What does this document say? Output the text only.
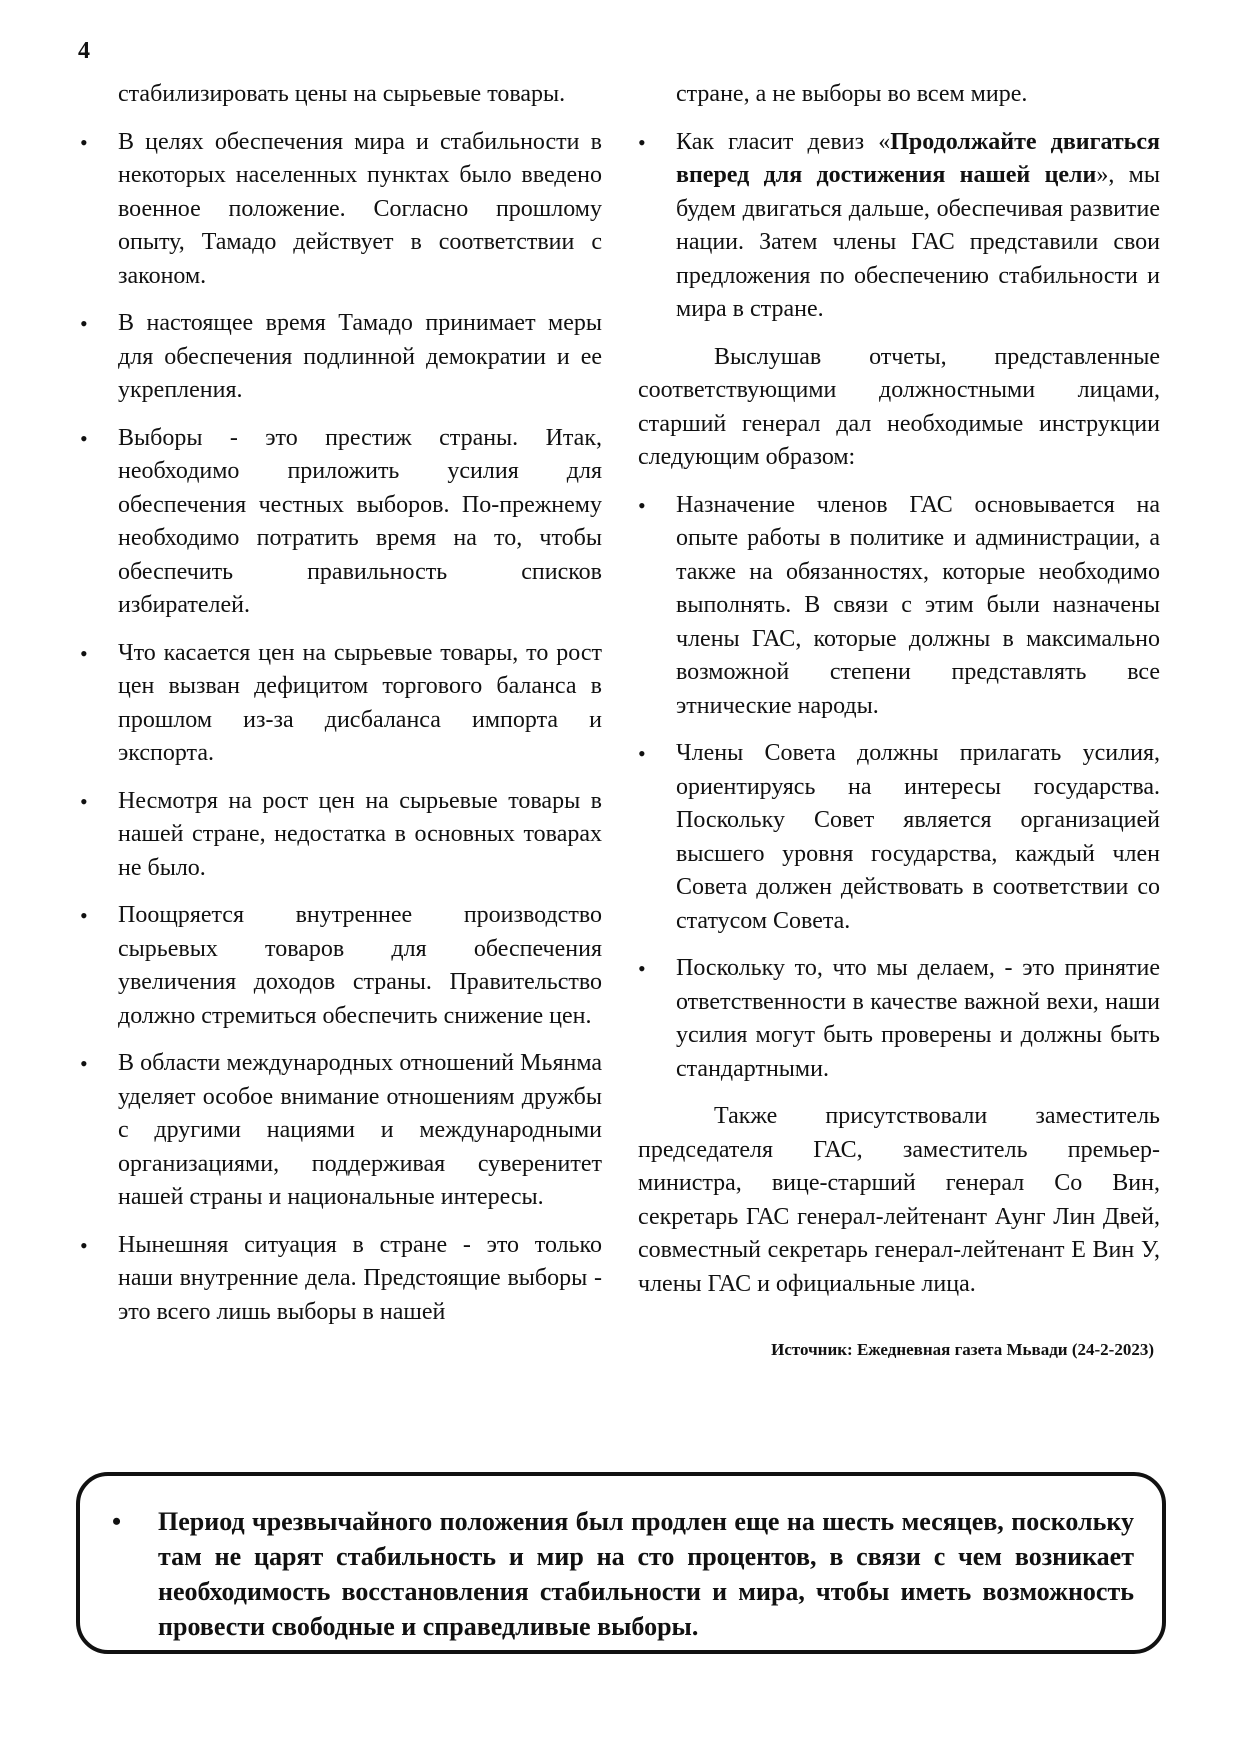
4
стабилизировать цены на сырьевые товары.
• В целях обеспечения мира и стабильности в некоторых населенных пунктах было введено военное положение. Согласно прошлому опыту, Тамадо действует в соответствии с законом.
• В настоящее время Тамадо принимает меры для обеспечения подлинной демократии и ее укрепления.
• Выборы - это престиж страны. Итак, необходимо приложить усилия для обеспечения честных выборов. По-прежнему необходимо потратить время на то, чтобы обеспечить правильность списков избирателей.
• Что касается цен на сырьевые товары, то рост цен вызван дефицитом торгового баланса в прошлом из-за дисбаланса импорта и экспорта.
• Несмотря на рост цен на сырьевые товары в нашей стране, недостатка в основных товарах не было.
• Поощряется внутреннее производство сырьевых товаров для обеспечения увеличения доходов страны. Правительство должно стремиться обеспечить снижение цен.
• В области международных отношений Мьянма уделяет особое внимание отношениям дружбы с другими нациями и международными организациями, поддерживая суверенитет нашей страны и национальные интересы.
• Нынешняя ситуация в стране - это только наши внутренние дела. Предстоящие выборы - это всего лишь выборы в нашей
стране, а не выборы во всем мире.
• Как гласит девиз «Продолжайте двигаться вперед для достижения нашей цели», мы будем двигаться дальше, обеспечивая развитие нации. Затем члены ГАС представили свои предложения по обеспечению стабильности и мира в стране.

Выслушав отчеты, представленные соответствующими должностными лицами, старший генерал дал необходимые инструкции следующим образом:

• Назначение членов ГАС основывается на опыте работы в политике и администрации, а также на обязанностях, которые необходимо выполнять. В связи с этим были назначены члены ГАС, которые должны в максимально возможной степени представлять все этнические народы.
• Члены Совета должны прилагать усилия, ориентируясь на интересы государства. Поскольку Совет является организацией высшего уровня государства, каждый член Совета должен действовать в соответствии со статусом Совета.
• Поскольку то, что мы делаем, - это принятие ответственности в качестве важной вехи, наши усилия могут быть проверены и должны быть стандартными.

Также присутствовали заместитель председателя ГАС, заместитель премьер-министра, вице-старший генерал Со Вин, секретарь ГАС генерал-лейтенант Аунг Лин Двей, совместный секретарь генерал-лейтенант Е Вин У, члены ГАС и официальные лица.

Источник: Ежедневная газета Мьвади (24-2-2023)
• Период чрезвычайного положения был продлен еще на шесть месяцев, поскольку там не царят стабильность и мир на сто процентов, в связи с чем возникает необходимость восстановления стабильности и мира, чтобы иметь возможность провести свободные и справедливые выборы.
